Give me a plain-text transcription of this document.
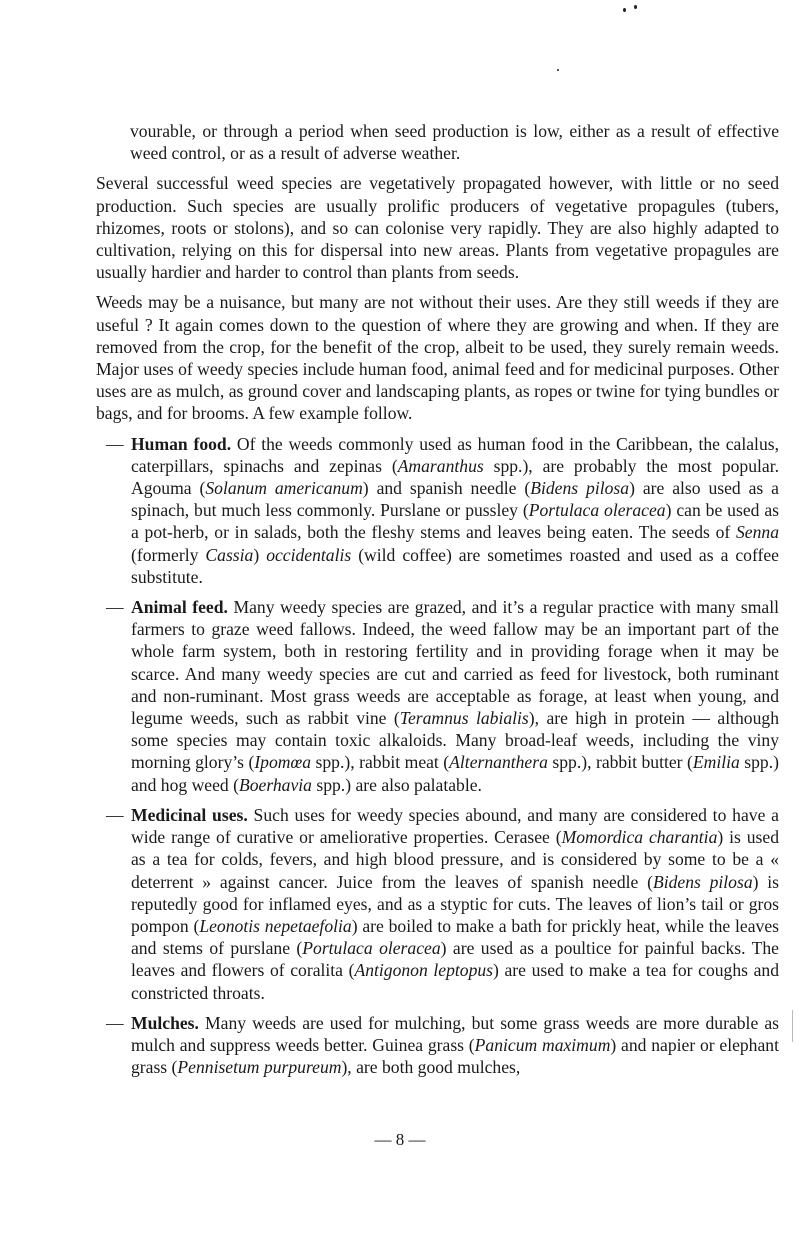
vourable, or through a period when seed production is low, either as a result of effective weed control, or as a result of adverse weather.

Several successful weed species are vegetatively propagated however, with little or no seed production. Such species are usually prolific producers of vegetative propagules (tubers, rhizomes, roots or stolons), and so can colonise very rapidly. They are also highly adapted to cultivation, relying on this for dispersal into new areas. Plants from vegetative propagules are usually hardier and harder to control than plants from seeds.

Weeds may be a nuisance, but many are not without their uses. Are they still weeds if they are useful ? It again comes down to the question of where they are growing and when. If they are removed from the crop, for the benefit of the crop, albeit to be used, they surely remain weeds. Major uses of weedy species include human food, animal feed and for medicinal purposes. Other uses are as mulch, as ground cover and landscaping plants, as ropes or twine for tying bundles or bags, and for brooms. A few example follow.

— Human food. Of the weeds commonly used as human food in the Caribbean, the calalus, caterpillars, spinachs and zepinas (Amaranthus spp.), are probably the most popular. Agouma (Solanum americanum) and spanish needle (Bidens pilosa) are also used as a spinach, but much less commonly. Purslane or pussley (Portulaca oleracea) can be used as a pot-herb, or in salads, both the fleshy stems and leaves being eaten. The seeds of Senna (formerly Cassia) occidentalis (wild coffee) are sometimes roasted and used as a coffee substitute.
— Animal feed. Many weedy species are grazed, and it’s a regular practice with many small farmers to graze weed fallows. Indeed, the weed fallow may be an important part of the whole farm system, both in restoring fertility and in providing forage when it may be scarce. And many weedy species are cut and carried as feed for livestock, both ruminant and non-ruminant. Most grass weeds are acceptable as forage, at least when young, and legume weeds, such as rabbit vine (Teramnus labialis), are high in protein — although some species may contain toxic alkaloids. Many broad-leaf weeds, including the viny morning glory’s (Ipomœa spp.), rabbit meat (Alternanthera spp.), rabbit butter (Emilia spp.) and hog weed (Boerhavia spp.) are also palatable.
— Medicinal uses. Such uses for weedy species abound, and many are considered to have a wide range of curative or ameliorative properties. Cerasee (Momordica charantia) is used as a tea for colds, fevers, and high blood pressure, and is considered by some to be a « deterrent » against cancer. Juice from the leaves of spanish needle (Bidens pilosa) is reputedly good for inflamed eyes, and as a styptic for cuts. The leaves of lion’s tail or gros pompon (Leonotis nepetaefolia) are boiled to make a bath for prickly heat, while the leaves and stems of purslane (Portulaca oleracea) are used as a poultice for painful backs. The leaves and flowers of coralita (Antigonon leptopus) are used to make a tea for coughs and constricted throats.
— Mulches. Many weeds are used for mulching, but some grass weeds are more durable as mulch and suppress weeds better. Guinea grass (Panicum maximum) and napier or elephant grass (Pennisetum purpureum), are both good mulches,
— 8 —
